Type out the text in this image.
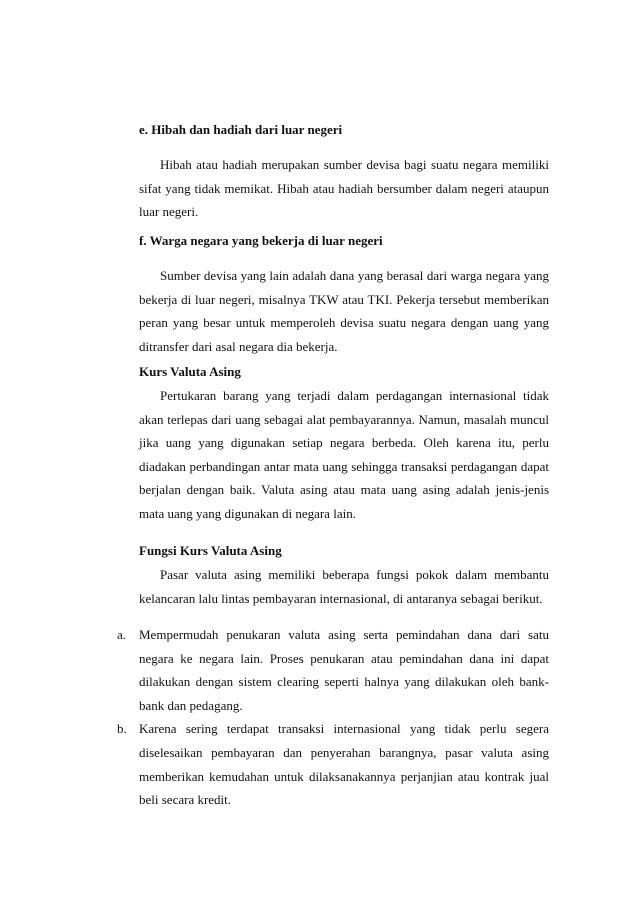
e. Hibah dan hadiah dari luar negeri
Hibah atau hadiah merupakan sumber devisa bagi suatu negara memiliki sifat yang tidak memikat. Hibah atau hadiah bersumber dalam negeri ataupun luar negeri.
f. Warga negara yang bekerja di luar negeri
Sumber devisa yang lain adalah dana yang berasal dari warga negara yang bekerja di luar negeri, misalnya TKW atau TKI. Pekerja tersebut memberikan peran yang besar untuk memperoleh devisa suatu negara dengan uang yang ditransfer dari asal negara dia bekerja.
Kurs Valuta Asing
Pertukaran barang yang terjadi dalam perdagangan internasional tidak akan terlepas dari uang sebagai alat pembayarannya. Namun, masalah muncul jika uang yang digunakan setiap negara berbeda. Oleh karena itu, perlu diadakan perbandingan antar mata uang sehingga transaksi perdagangan dapat berjalan dengan baik. Valuta asing atau mata uang asing adalah jenis-jenis mata uang yang digunakan di negara lain.
Fungsi Kurs Valuta Asing
Pasar valuta asing memiliki beberapa fungsi pokok dalam membantu kelancaran lalu lintas pembayaran internasional, di antaranya sebagai berikut.
a. Mempermudah penukaran valuta asing serta pemindahan dana dari satu negara ke negara lain. Proses penukaran atau pemindahan dana ini dapat dilakukan dengan sistem clearing seperti halnya yang dilakukan oleh bank-bank dan pedagang.
b. Karena sering terdapat transaksi internasional yang tidak perlu segera diselesaikan pembayaran dan penyerahan barangnya, pasar valuta asing memberikan kemudahan untuk dilaksanakannya perjanjian atau kontrak jual beli secara kredit.
